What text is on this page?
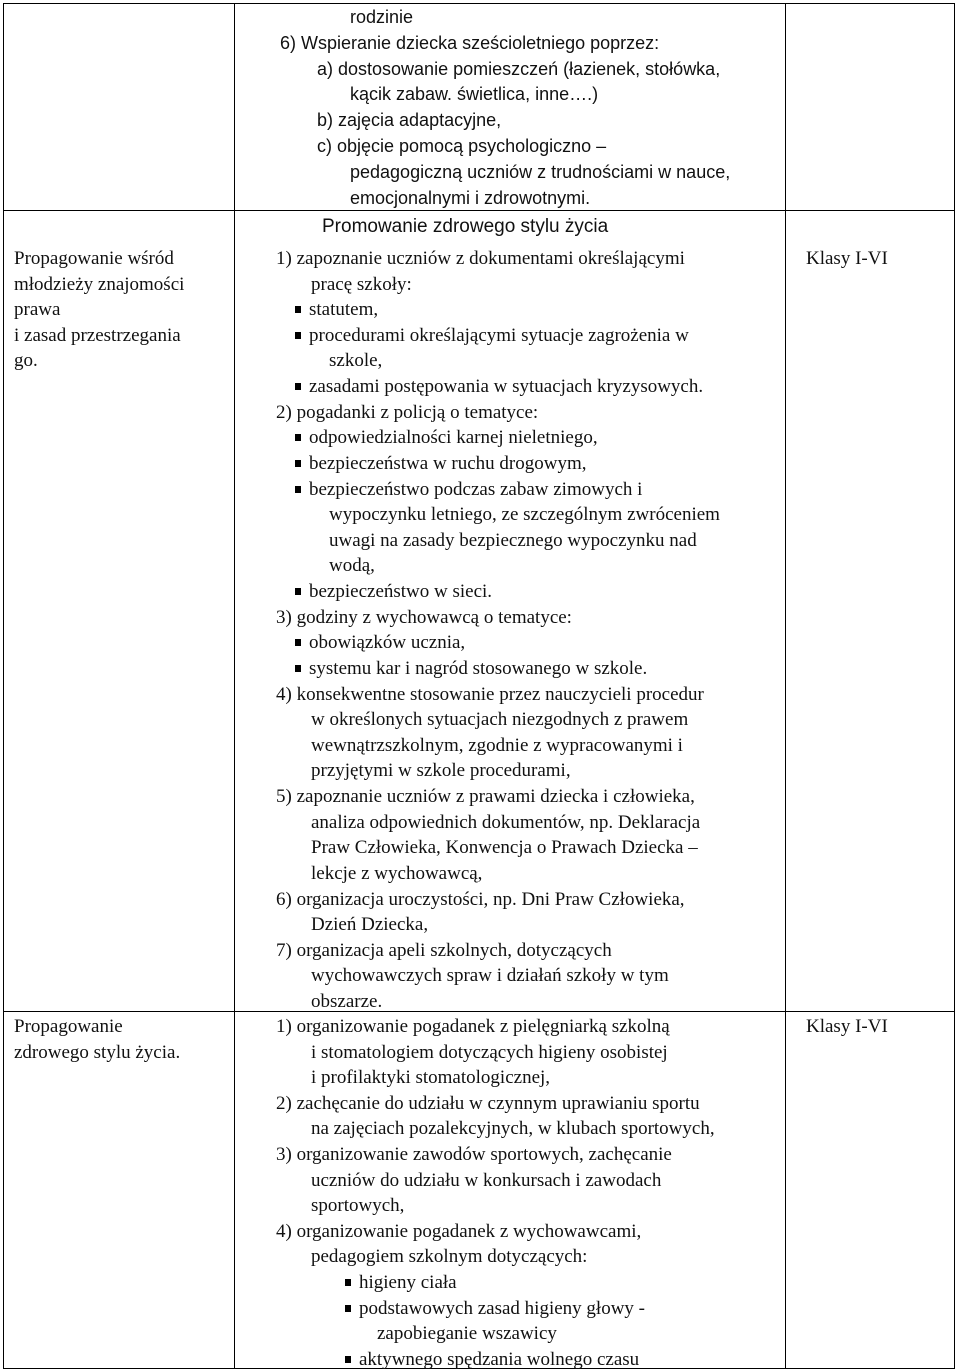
Propagowanie wśród
młodzieży znajomości
prawa
i zasad przestrzegania
go.
Propagowanie
zdrowego stylu życia.
Klasy I-VI
Klasy I-VI
rodzinie
6) Wspieranie dziecka sześcioletniego poprzez:
a) dostosowanie pomieszczeń (łazienek, stołówka,
kącik zabaw. świetlica, inne….)
b) zajęcia adaptacyjne,
c) objęcie pomocą psychologiczno –
pedagogiczną uczniów z trudnościami w nauce,
emocjonalnymi i zdrowotnymi.
Promowanie zdrowego stylu życia
1) zapoznanie uczniów z dokumentami określającymi
pracę szkoły:
statutem,
procedurami określającymi sytuacje zagrożenia w
szkole,
zasadami postępowania w sytuacjach kryzysowych.
2) pogadanki z policją o tematyce:
odpowiedzialności karnej nieletniego,
bezpieczeństwa w ruchu drogowym,
bezpieczeństwo podczas zabaw zimowych i
wypoczynku letniego, ze szczególnym zwróceniem
uwagi na zasady bezpiecznego wypoczynku nad
wodą,
bezpieczeństwo w sieci.
3) godziny z wychowawcą o tematyce:
obowiązków ucznia,
systemu kar i nagród stosowanego w szkole.
4) konsekwentne stosowanie przez nauczycieli procedur
w określonych sytuacjach niezgodnych z prawem
wewnątrzszkolnym, zgodnie z wypracowanymi i
przyjętymi w szkole procedurami,
5) zapoznanie uczniów z prawami dziecka i człowieka,
analiza odpowiednich dokumentów, np. Deklaracja
Praw Człowieka, Konwencja o Prawach Dziecka –
lekcje z wychowawcą,
6) organizacja uroczystości, np. Dni Praw Człowieka,
Dzień Dziecka,
7) organizacja apeli szkolnych, dotyczących
wychowawczych spraw i działań szkoły w tym
obszarze.
1) organizowanie pogadanek z pielęgniarką szkolną
i stomatologiem dotyczących higieny osobistej
i profilaktyki stomatologicznej,
2) zachęcanie do udziału w czynnym uprawianiu sportu
na zajęciach pozalekcyjnych, w klubach sportowych,
3) organizowanie zawodów sportowych, zachęcanie
uczniów do udziału w konkursach i zawodach
sportowych,
4) organizowanie pogadanek z wychowawcami,
pedagogiem szkolnym dotyczących:
higieny ciała
podstawowych zasad higieny głowy -
zapobieganie wszawicy
aktywnego spędzania wolnego czasu
